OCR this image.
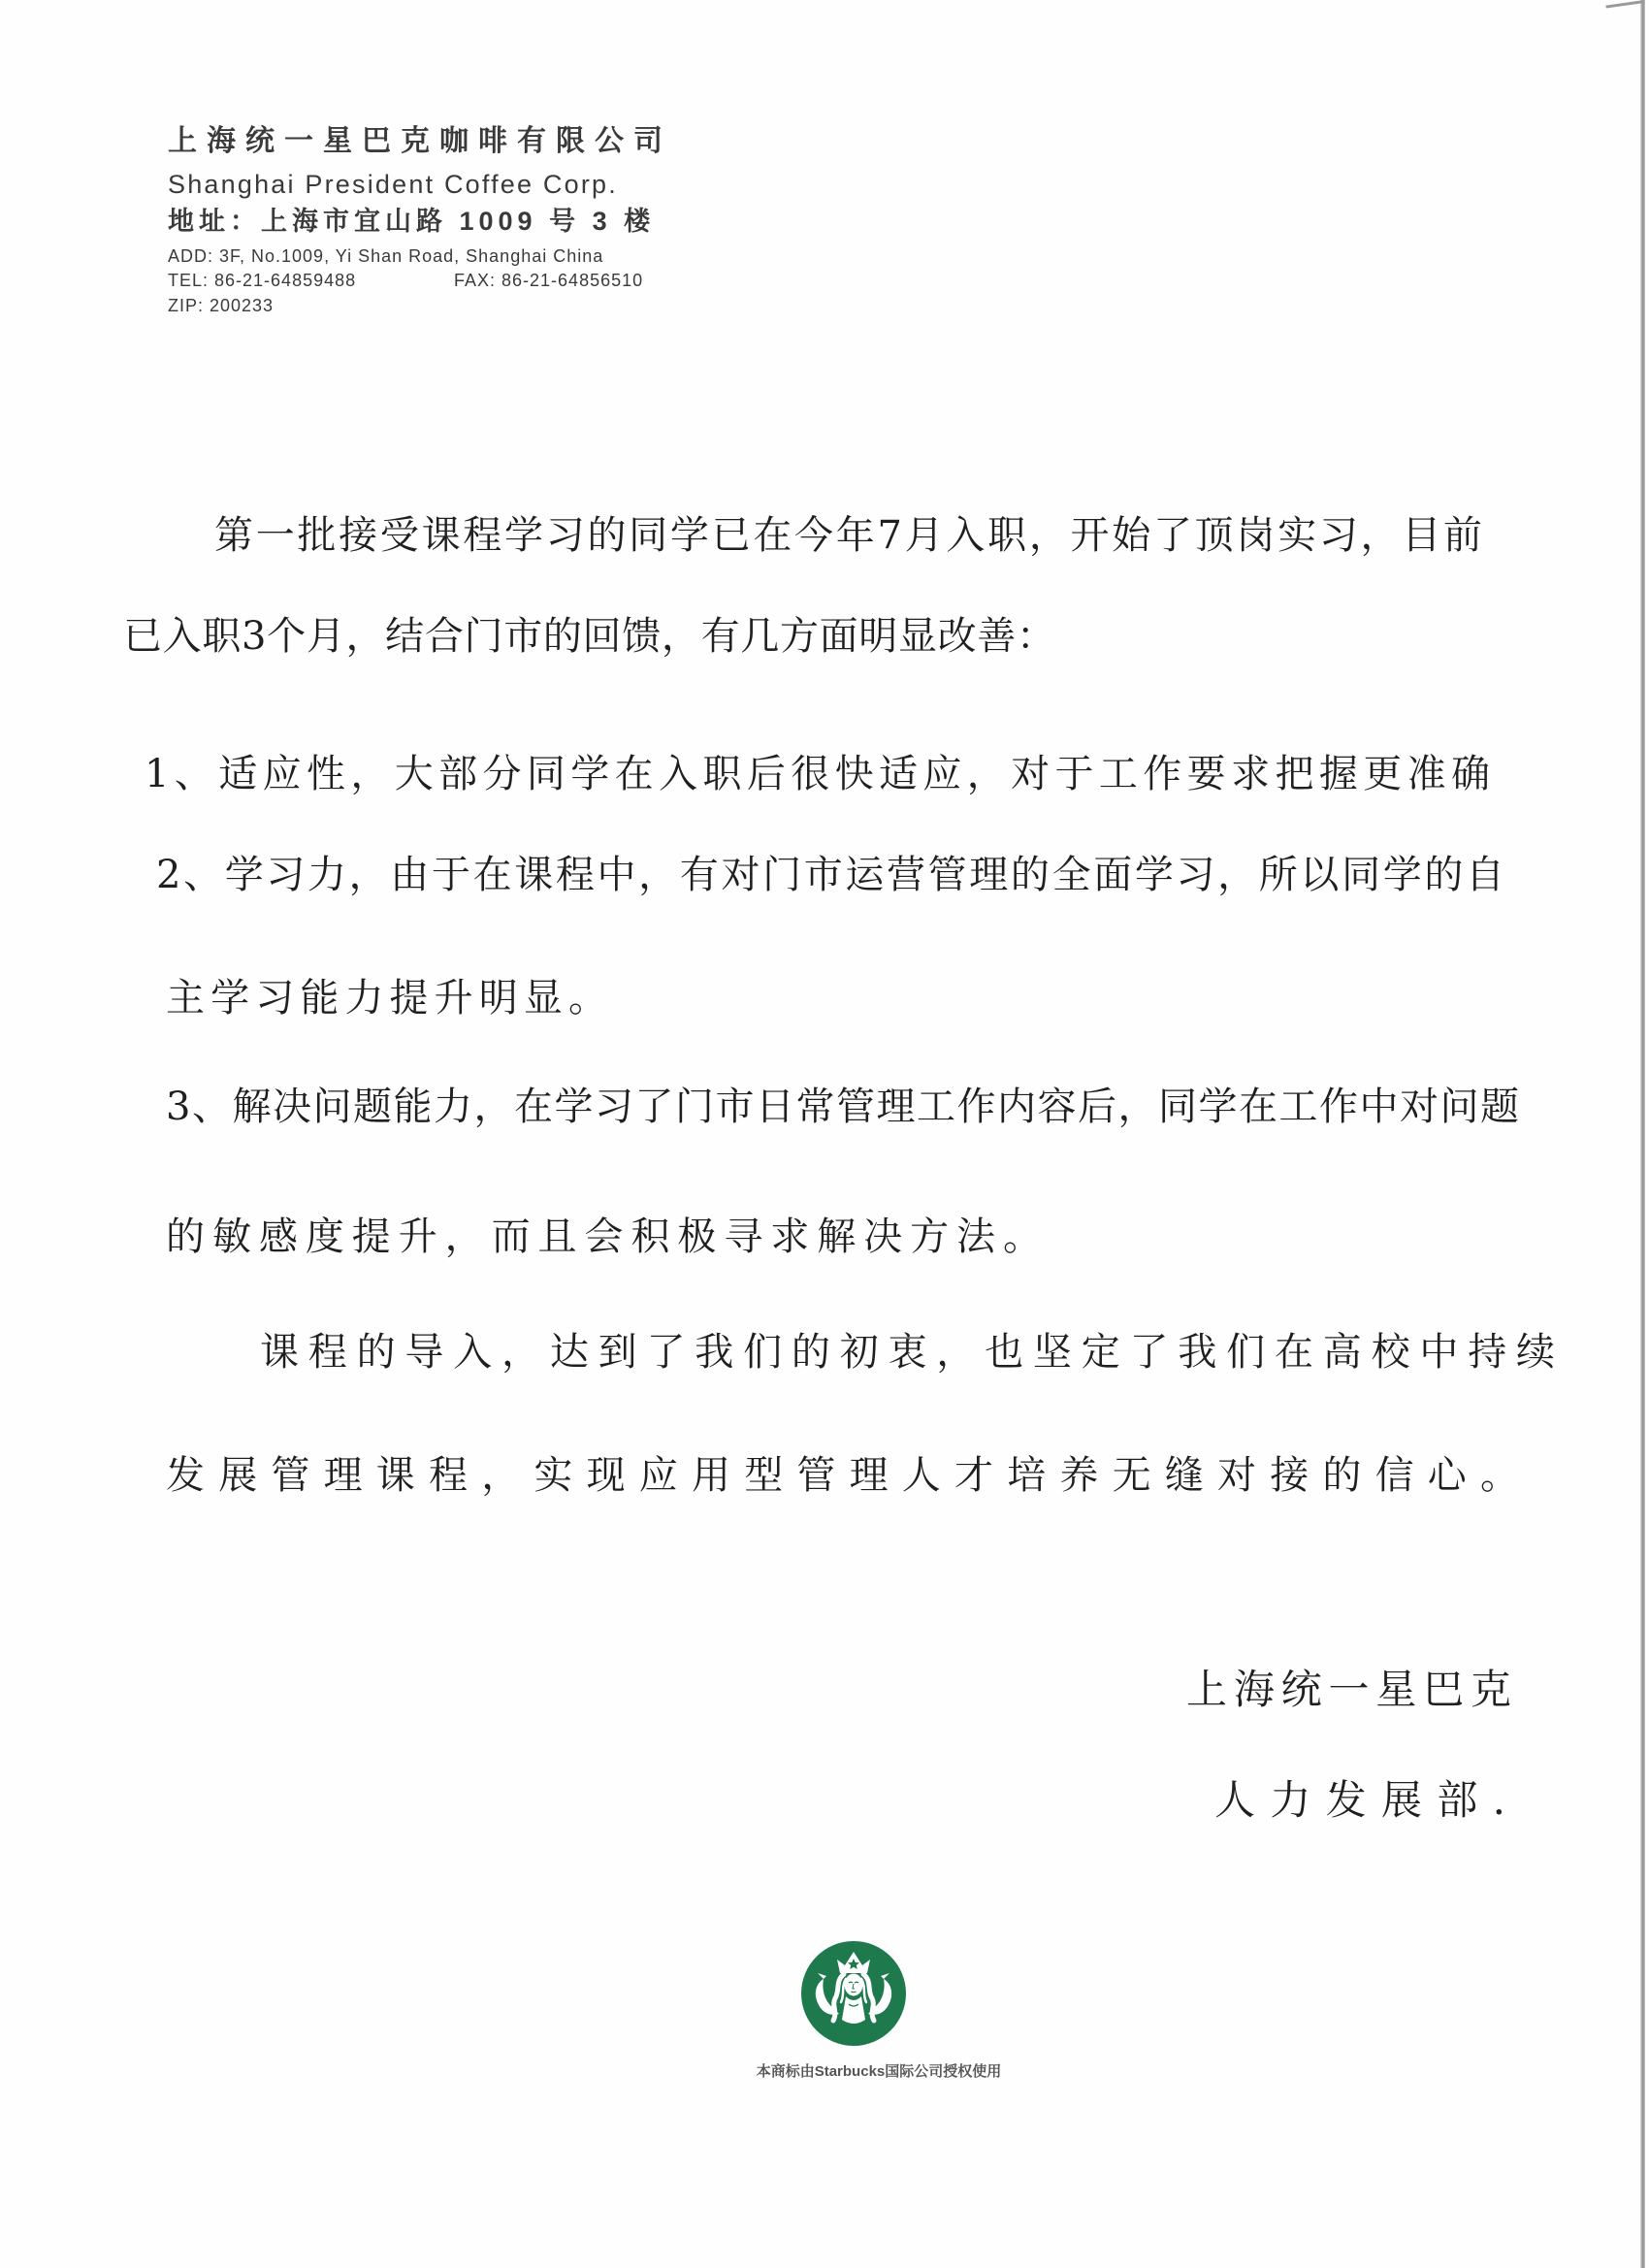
上海统一星巴克咖啡有限公司
Shanghai President Coffee Corp.
地址：上海市宜山路 1009 号 3 楼
ADD: 3F, No.1009, Yi Shan Road, Shanghai China
TEL: 86-21-64859488	FAX: 86-21-64856510
ZIP: 200233
第一批接受课程学习的同学已在今年7月入职，开始了顶岗实习，目前
已入职3个月，结合门市的回馈，有几方面明显改善：
1、适应性，大部分同学在入职后很快适应，对于工作要求把握更准确
2、学习力，由于在课程中，有对门市运营管理的全面学习，所以同学的自
主学习能力提升明显。
3、解决问题能力，在学习了门市日常管理工作内容后，同学在工作中对问题
的敏感度提升，而且会积极寻求解决方法。
课程的导入，达到了我们的初衷，也坚定了我们在高校中持续
发展管理课程，实现应用型管理人才培养无缝对接的信心。
上海统一星巴克
人力发展部.
本商标由Starbucks国际公司授权使用
